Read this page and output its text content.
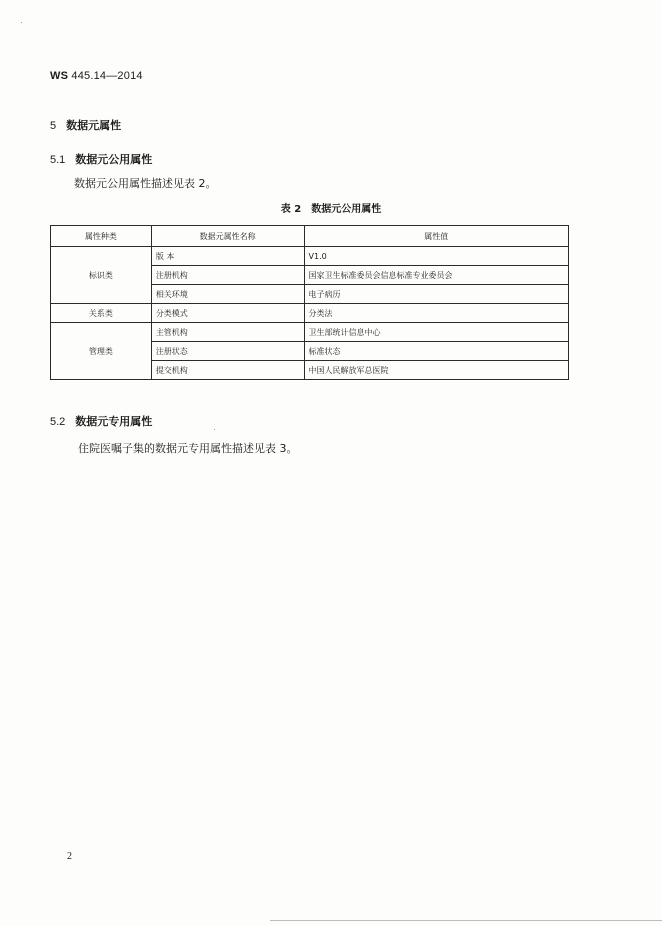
WS 445.14—2014
5 数据元属性
5.1 数据元公用属性
数据元公用属性描述见表 2。
表 2 数据元公用属性
属性种类	数据元属性名称	属性值
标识类	版 本	V1.0
	注册机构	国家卫生标准委员会信息标准专业委员会
	相关环境	电子病历
关系类	分类模式	分类法
管理类	主管机构	卫生部统计信息中心
	注册状态	标准状态
	提交机构	中国人民解放军总医院
5.2 数据元专用属性
住院医嘱子集的数据元专用属性描述见表 3。
2
